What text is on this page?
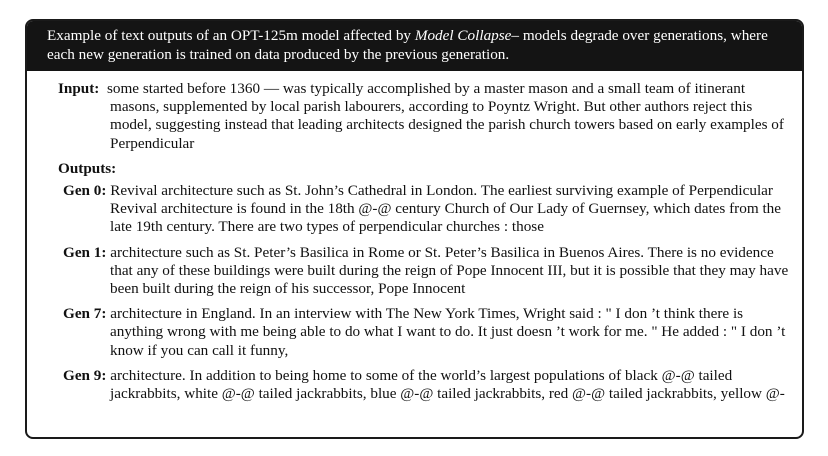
Example of text outputs of an OPT-125m model affected by Model Collapse– models degrade over generations, where each new generation is trained on data produced by the previous generation.

Input: some started before 1360 — was typically accomplished by a master mason and a small team of itinerant masons, supplemented by local parish labourers, according to Poyntz Wright. But other authors reject this model, suggesting instead that leading architects designed the parish church towers based on early examples of Perpendicular

Outputs:

Gen 0: Revival architecture such as St. John’s Cathedral in London. The earliest surviving example of Perpendicular Revival architecture is found in the 18th @-@ century Church of Our Lady of Guernsey, which dates from the late 19th century. There are two types of perpendicular churches : those

Gen 1: architecture such as St. Peter’s Basilica in Rome or St. Peter’s Basilica in Buenos Aires. There is no evidence that any of these buildings were built during the reign of Pope Innocent III, but it is possible that they may have been built during the reign of his successor, Pope Innocent

Gen 7: architecture in England. In an interview with The New York Times, Wright said : " I don ’t think there is anything wrong with me being able to do what I want to do. It just doesn ’t work for me. " He added : " I don ’t know if you can call it funny,

Gen 9: architecture. In addition to being home to some of the world’s largest populations of black @-@ tailed jackrabbits, white @-@ tailed jackrabbits, blue @-@ tailed jackrabbits, red @-@ tailed jackrabbits, yellow @-
